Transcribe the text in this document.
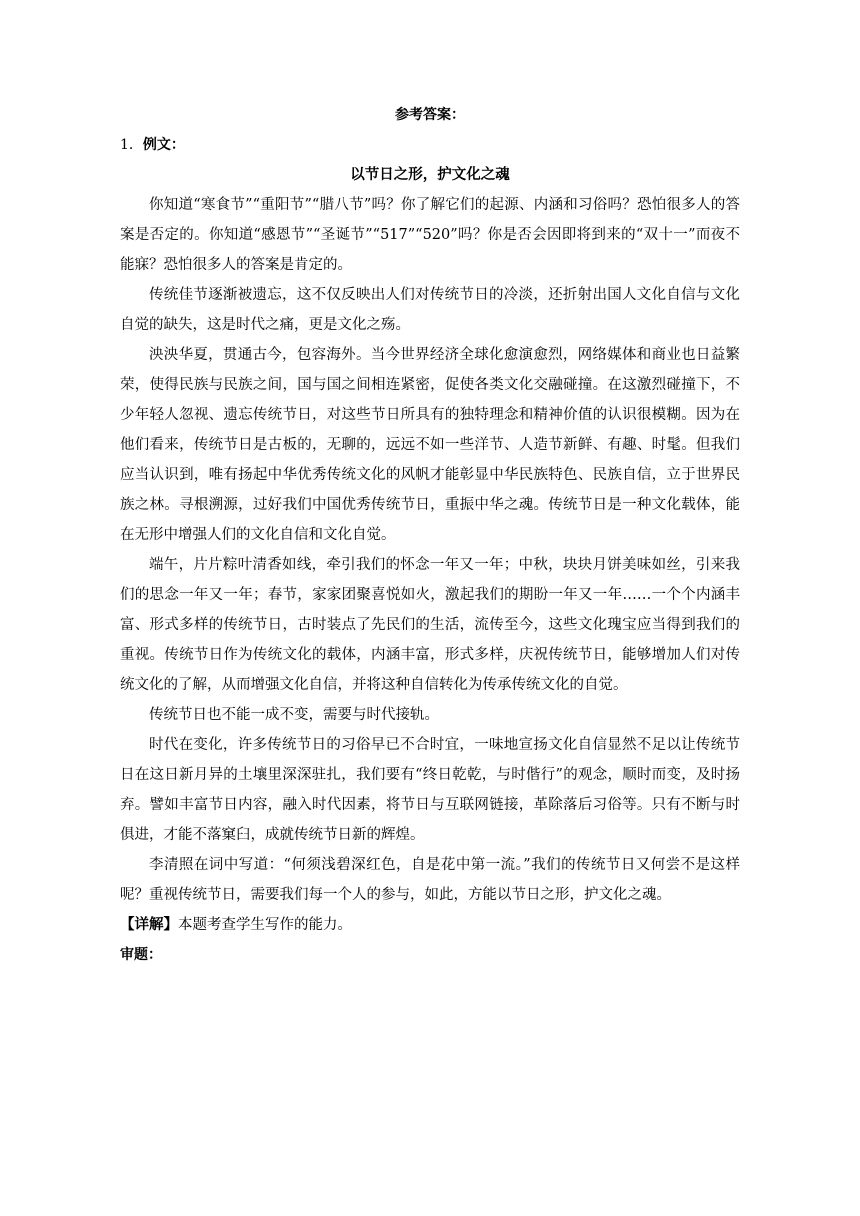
参考答案：
1．例文：
以节日之形，护文化之魂

你知道“寒食节”“重阳节”“腊八节”吗？你了解它们的起源、内涵和习俗吗？恐怕很多人的答案是否定的。你知道“感恩节”“圣诞节”“517”“520”吗？你是否会因即将到来的“双十一”而夜不能寐？恐怕很多人的答案是肯定的。

传统佳节逐渐被遗忘，这不仅反映出人们对传统节日的冷淡，还折射出国人文化自信与文化自觉的缺失，这是时代之痛，更是文化之殇。

泱泱华夏，贯通古今，包容海外。当今世界经济全球化愈演愈烈，网络媒体和商业也日益繁荣，使得民族与民族之间，国与国之间相连紧密，促使各类文化交融碰撞。在这激烈碰撞下，不少年轻人忽视、遗忘传统节日，对这些节日所具有的独特理念和精神价值的认识很模糊。因为在他们看来，传统节日是古板的，无聊的，远远不如一些洋节、人造节新鲜、有趣、时髦。但我们应当认识到，唯有扬起中华优秀传统文化的风帆才能彰显中华民族特色、民族自信，立于世界民族之林。寻根溯源，过好我们中国优秀传统节日，重振中华之魂。传统节日是一种文化载体，能在无形中增强人们的文化自信和文化自觉。

端午，片片粽叶清香如线，牵引我们的怀念一年又一年；中秋，块块月饼美味如丝，引来我们的思念一年又一年；春节，家家团聚喜悦如火，激起我们的期盼一年又一年……一个个内涵丰富、形式多样的传统节日，古时装点了先民们的生活，流传至今，这些文化瑰宝应当得到我们的重视。传统节日作为传统文化的载体，内涵丰富，形式多样，庆祝传统节日，能够增加人们对传统文化的了解，从而增强文化自信，并将这种自信转化为传承传统文化的自觉。

传统节日也不能一成不变，需要与时代接轨。

时代在变化，许多传统节日的习俗早已不合时宜，一味地宣扬文化自信显然不足以让传统节日在这日新月异的土壤里深深驻扎，我们要有“终日乾乾，与时偕行”的观念，顺时而变，及时扬弃。譬如丰富节日内容，融入时代因素，将节日与互联网链接，革除落后习俗等。只有不断与时俱进，才能不落窠臼，成就传统节日新的辉煌。

李清照在词中写道：“何须浅碧深红色，自是花中第一流。”我们的传统节日又何尝不是这样呢？重视传统节日，需要我们每一个人的参与，如此，方能以节日之形，护文化之魂。

【详解】本题考查学生写作的能力。

审题：
